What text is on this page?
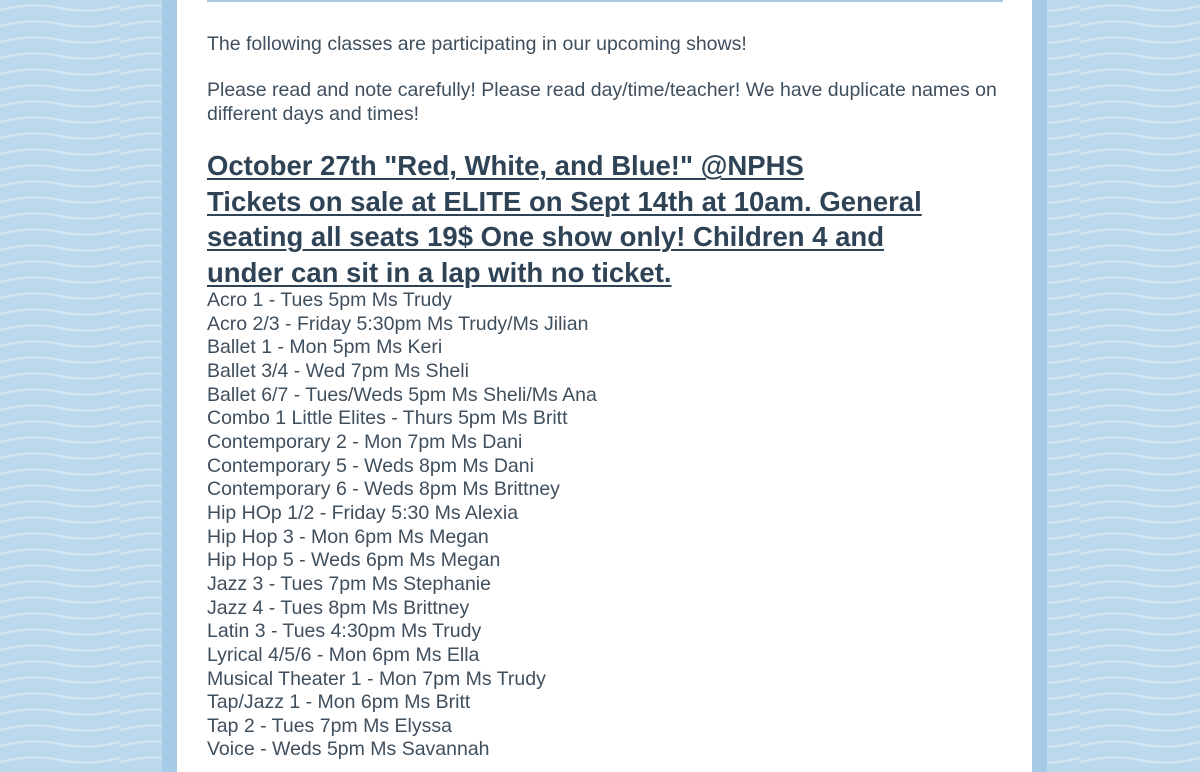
The following classes are participating in our upcoming shows!
Please read and note carefully! Please read day/time/teacher! We have duplicate names on different days and times!
October 27th "Red, White, and Blue!" @NPHS
Tickets on sale at ELITE on Sept 14th at 10am. General
seating all seats 19$ One show only! Children 4 and
under can sit in a lap with no ticket.
Acro 1 - Tues 5pm Ms Trudy
Acro 2/3 - Friday 5:30pm Ms Trudy/Ms Jilian
Ballet 1 - Mon 5pm Ms Keri
Ballet 3/4 - Wed 7pm Ms Sheli
Ballet 6/7 - Tues/Weds 5pm Ms Sheli/Ms Ana
Combo 1 Little Elites - Thurs 5pm Ms Britt
Contemporary 2 - Mon 7pm Ms Dani
Contemporary 5 - Weds 8pm Ms Dani
Contemporary 6 - Weds 8pm Ms Brittney
Hip HOp 1/2 - Friday 5:30 Ms Alexia
Hip Hop 3 - Mon 6pm Ms Megan
Hip Hop 5 - Weds 6pm Ms Megan
Jazz 3 - Tues 7pm Ms Stephanie
Jazz 4 - Tues 8pm Ms Brittney
Latin 3 - Tues 4:30pm Ms Trudy
Lyrical 4/5/6 - Mon 6pm Ms Ella
Musical Theater 1 - Mon 7pm Ms Trudy
Tap/Jazz 1 - Mon 6pm Ms Britt
Tap 2 - Tues 7pm Ms Elyssa
Voice - Weds 5pm Ms Savannah
